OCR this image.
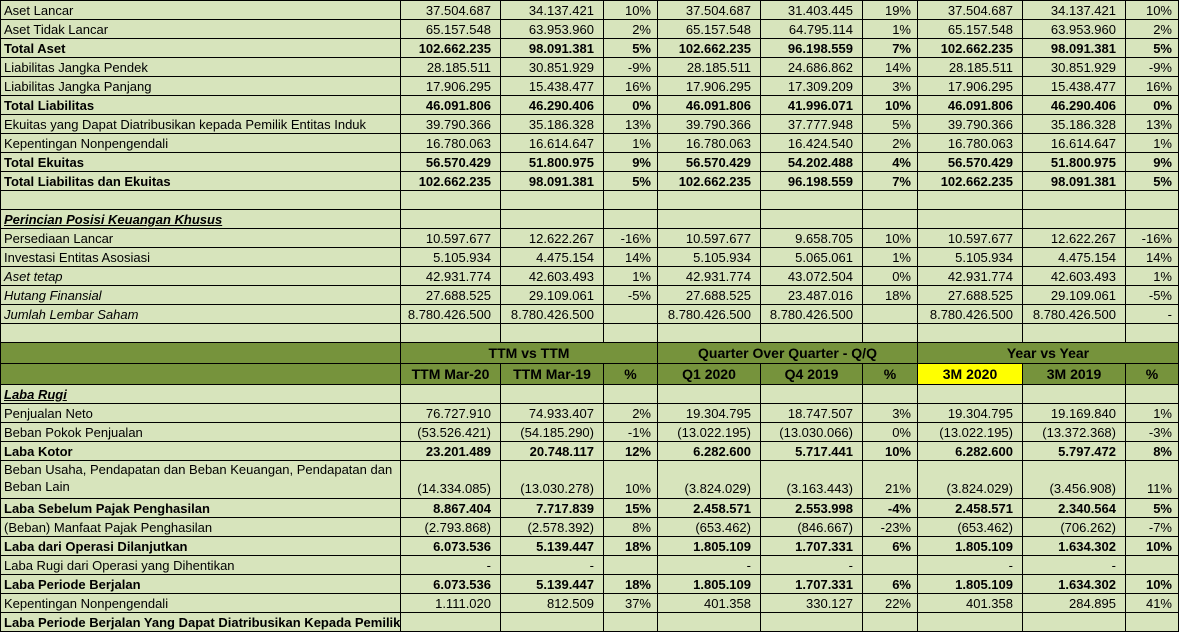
Aset Lancar	37.504.687	34.137.421	10%	37.504.687	31.403.445	19%	37.504.687	34.137.421	10%
Aset Tidak Lancar	65.157.548	63.953.960	2%	65.157.548	64.795.114	1%	65.157.548	63.953.960	2%
Total Aset	102.662.235	98.091.381	5%	102.662.235	96.198.559	7%	102.662.235	98.091.381	5%
Liabilitas Jangka Pendek	28.185.511	30.851.929	-9%	28.185.511	24.686.862	14%	28.185.511	30.851.929	-9%
Liabilitas Jangka Panjang	17.906.295	15.438.477	16%	17.906.295	17.309.209	3%	17.906.295	15.438.477	16%
Total Liabilitas	46.091.806	46.290.406	0%	46.091.806	41.996.071	10%	46.091.806	46.290.406	0%
Ekuitas yang Dapat Diatribusikan kepada Pemilik Entitas Induk	39.790.366	35.186.328	13%	39.790.366	37.777.948	5%	39.790.366	35.186.328	13%
Kepentingan Nonpengendali	16.780.063	16.614.647	1%	16.780.063	16.424.540	2%	16.780.063	16.614.647	1%
Total Ekuitas	56.570.429	51.800.975	9%	56.570.429	54.202.488	4%	56.570.429	51.800.975	9%
Total Liabilitas dan Ekuitas	102.662.235	98.091.381	5%	102.662.235	96.198.559	7%	102.662.235	98.091.381	5%

Perincian Posisi Keuangan Khusus									
Persediaan Lancar	10.597.677	12.622.267	-16%	10.597.677	9.658.705	10%	10.597.677	12.622.267	-16%
Investasi Entitas Asosiasi	5.105.934	4.475.154	14%	5.105.934	5.065.061	1%	5.105.934	4.475.154	14%
Aset tetap	42.931.774	42.603.493	1%	42.931.774	43.072.504	0%	42.931.774	42.603.493	1%
Hutang Finansial	27.688.525	29.109.061	-5%	27.688.525	23.487.016	18%	27.688.525	29.109.061	-5%
Jumlah Lembar Saham	8.780.426.500	8.780.426.500		8.780.426.500	8.780.426.500		8.780.426.500	8.780.426.500	-

	TTM vs TTM			Quarter Over Quarter - Q/Q			Year vs Year		
	TTM Mar-20	TTM Mar-19	%	Q1 2020	Q4 2019	%	3M 2020	3M 2019	%
Laba Rugi									
Penjualan Neto	76.727.910	74.933.407	2%	19.304.795	18.747.507	3%	19.304.795	19.169.840	1%
Beban Pokok Penjualan	(53.526.421)	(54.185.290)	-1%	(13.022.195)	(13.030.066)	0%	(13.022.195)	(13.372.368)	-3%
Laba Kotor	23.201.489	20.748.117	12%	6.282.600	5.717.441	10%	6.282.600	5.797.472	8%
Beban Usaha, Pendapatan dan Beban Keuangan, Pendapatan dan Beban Lain	(14.334.085)	(13.030.278)	10%	(3.824.029)	(3.163.443)	21%	(3.824.029)	(3.456.908)	11%
Laba Sebelum Pajak Penghasilan	8.867.404	7.717.839	15%	2.458.571	2.553.998	-4%	2.458.571	2.340.564	5%
(Beban) Manfaat Pajak Penghasilan	(2.793.868)	(2.578.392)	8%	(653.462)	(846.667)	-23%	(653.462)	(706.262)	-7%
Laba dari Operasi Dilanjutkan	6.073.536	5.139.447	18%	1.805.109	1.707.331	6%	1.805.109	1.634.302	10%
Laba Rugi dari Operasi yang Dihentikan	-	-		-	-		-	-	
Laba Periode Berjalan	6.073.536	5.139.447	18%	1.805.109	1.707.331	6%	1.805.109	1.634.302	10%
Kepentingan Nonpengendali	1.111.020	812.509	37%	401.358	330.127	22%	401.358	284.895	41%
Laba Periode Berjalan Yang Dapat Diatribusikan Kepada Pemilik									
